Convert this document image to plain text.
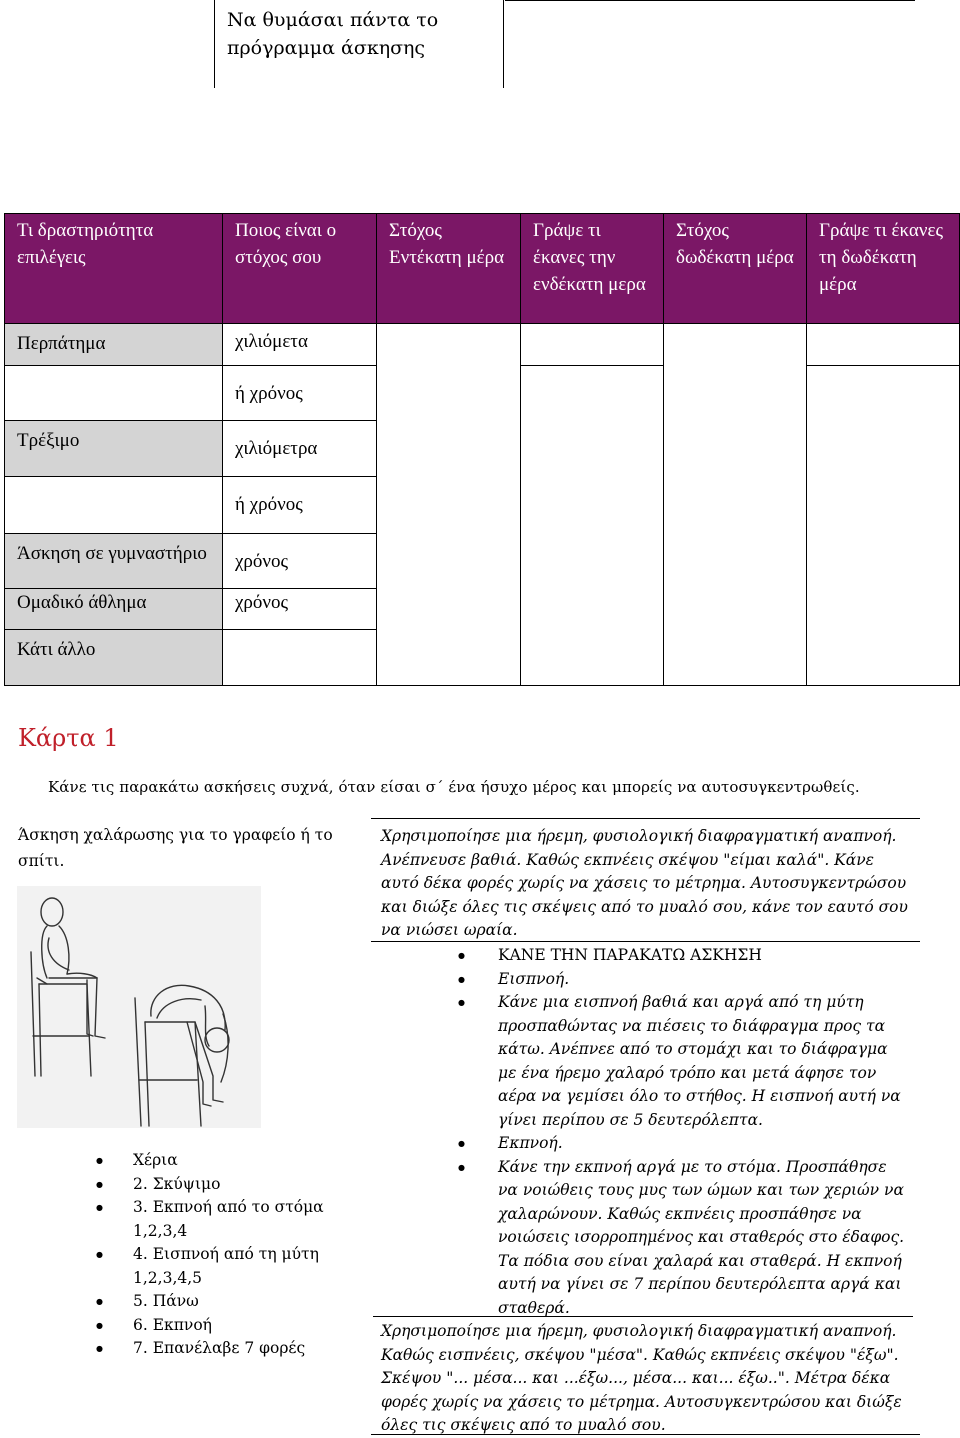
Να θυμάσαι πάντα το πρόγραμμα άσκησης
Τι δραστηριότητα επιλέγεις	Ποιος είναι ο στόχος σου	Στόχος Εντέκατη μέρα	Γράψε τι έκανες την ενδέκατη μερα	Στόχος δωδέκατη μέρα	Γράψε τι έκανες τη δωδέκατη μέρα
Περπάτημα	χιλιόμετα				
	ή χρόνος				
Τρέξιμο	χιλιόμετρα				
	ή χρόνος				
Άσκηση σε γυμναστήριο	χρόνος				
Ομαδικό άθλημα	χρόνος				
Κάτι άλλο					
Κάρτα 1
Κάνε τις παρακάτω ασκήσεις συχνά, όταν είσαι σ΄ ένα ήσυχο μέρος και μπορείς να αυτοσυγκεντρωθείς.
Άσκηση χαλάρωσης για το γραφείο ή το σπίτι.
● Χέρια
● 2. Σκύψιμο
● 3. Εκπνοή από το στόμα 1,2,3,4
● 4. Εισπνοή από τη μύτη 1,2,3,4,5
● 5. Πάνω
● 6. Εκπνοή
● 7. Επανέλαβε 7 φορές
Χρησιμοποίησε μια ήρεμη, φυσιολογική διαφραγματική αναπνοή. Ανέπνευσε βαθιά. Καθώς εκπνέεις σκέψου "είμαι καλά". Κάνε αυτό δέκα φορές χωρίς να χάσεις το μέτρημα. Αυτοσυγκεντρώσου και διώξε όλες τις σκέψεις από το μυαλό σου, κάνε τον εαυτό σου να νιώσει ωραία.
● ΚΑΝΕ ΤΗΝ ΠΑΡΑΚΑΤΩ ΑΣΚΗΣΗ
● Εισπνοή.
● Κάνε μια εισπνοή βαθιά και αργά από τη μύτη προσπαθώντας να πιέσεις το διάφραγμα προς τα κάτω. Ανέπνεε από το στομάχι και το διάφραγμα με ένα ήρεμο χαλαρό τρόπο και μετά άφησε τον αέρα να γεμίσει όλο το στήθος. Η εισπνοή αυτή να γίνει περίπου σε 5 δευτερόλεπτα.
● Εκπνοή.
● Κάνε την εκπνοή αργά με το στόμα. Προσπάθησε να νοιώθεις τους μυς των ώμων και των χεριών να χαλαρώνουν. Καθώς εκπνέεις προσπάθησε να νοιώσεις ισορροπημένος και σταθερός στο έδαφος. Τα πόδια σου είναι χαλαρά και σταθερά. Η εκπνοή αυτή να γίνει σε 7 περίπου δευτερόλεπτα αργά και σταθερά.
Χρησιμοποίησε μια ήρεμη, φυσιολογική διαφραγματική αναπνοή. Καθώς εισπνέεις, σκέψου "μέσα". Καθώς εκπνέεις σκέψου "έξω". Σκέψου "... μέσα... και ...έξω..., μέσα... και... έξω..". Μέτρα δέκα φορές χωρίς να χάσεις το μέτρημα. Αυτοσυγκεντρώσου και διώξε όλες τις σκέψεις από το μυαλό σου.
